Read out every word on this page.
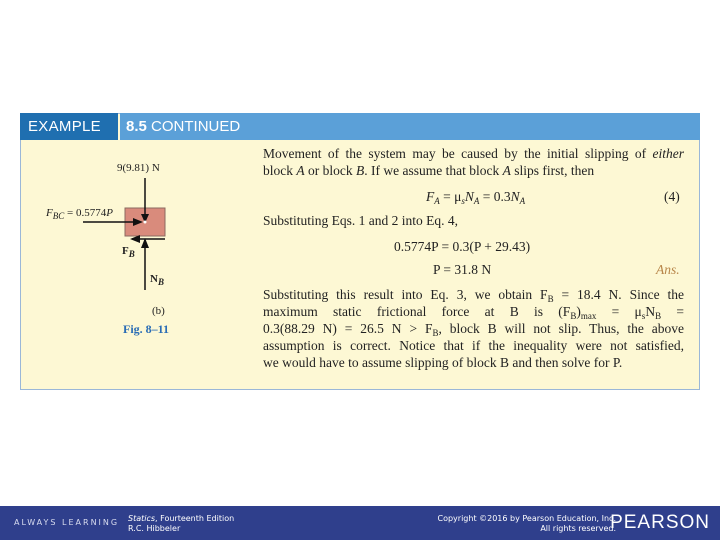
EXAMPLE	8.5 CONTINUED
9(9.81) N
$F_{BC} = 0.5774P$
$F_B$
$N_B$
(b)
Fig. 8–11
Movement of the system may be caused by the initial slipping of either
block A or block B. If we assume that block A slips first, then
$F_A = \mu_sN_A = 0.3N_A$	(4)
Substituting Eqs. 1 and 2 into Eq. 4,
0.5774P = 0.3(P + 29.43)
P = 31.8 N	Ans.
Substituting this result into Eq. 3, we obtain $F_B = 18.4$ N. Since the
maximum static frictional force at B is $(F_B)_{max} = \mu_sN_B$ =
0.3(88.29 N) = 26.5 $N > F_B$, block B will not slip. Thus, the above
assumption is correct. Notice that if the inequality were not satisfied,
we would have to assume slipping of block B and then solve for P.
ALWAYS LEARNING Statics, Fourteenth Edition
R.C. Hibbeler
Copyright ©2016 by Pearson Education, Inc.
All rights reserved.
PEARSON
